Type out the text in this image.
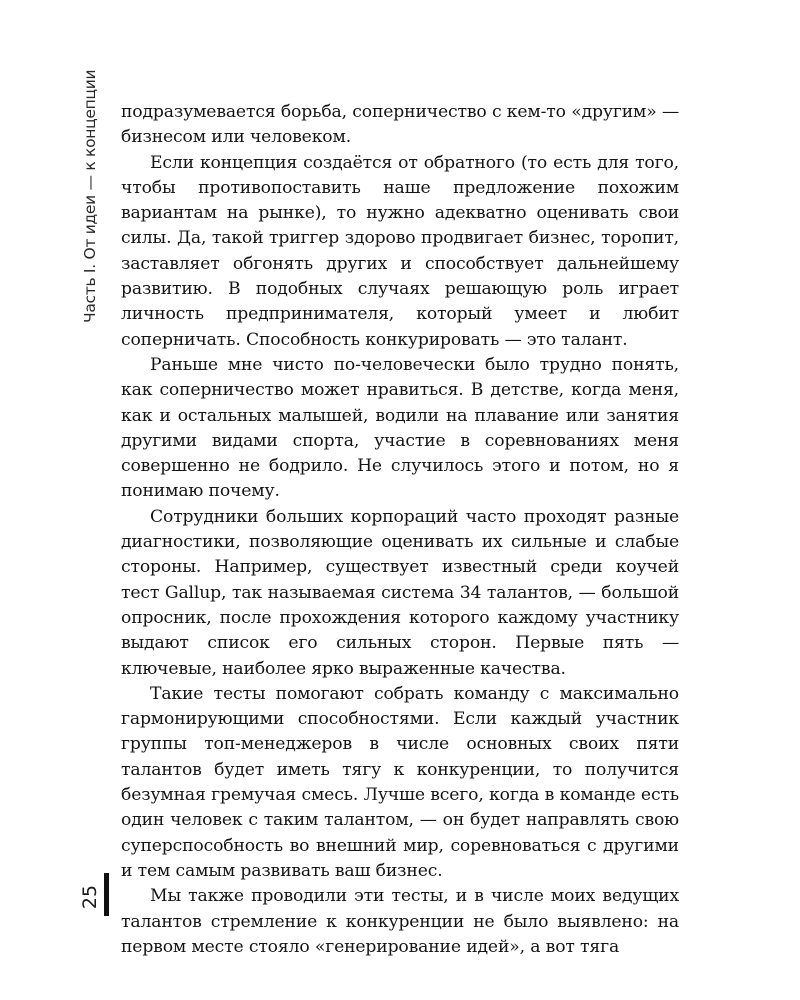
Часть I. От идеи — к концепции
25

подразумевается борьба, соперничество с кем-то «другим» — бизнесом или человеком.

Если концепция создаётся от обратного (то есть для того, чтобы противопоставить наше предложение похожим вариантам на рынке), то нужно адекватно оценивать свои силы. Да, такой триггер здорово продвигает бизнес, торопит, заставляет обгонять других и способствует дальнейшему развитию. В подобных случаях решающую роль играет личность предпринимателя, который умеет и любит соперничать. Способность конкурировать — это талант.

Раньше мне чисто по-человечески было трудно понять, как соперничество может нравиться. В детстве, когда меня, как и остальных малышей, водили на плавание или занятия другими видами спорта, участие в соревнованиях меня совершенно не бодрило. Не случилось этого и потом, но я понимаю почему.

Сотрудники больших корпораций часто проходят разные диагностики, позволяющие оценивать их сильные и слабые стороны. Например, существует известный среди коучей тест Gallup, так называемая система 34 талантов, — большой опросник, после прохождения которого каждому участнику выдают список его сильных сторон. Первые пять — ключевые, наиболее ярко выраженные качества.

Такие тесты помогают собрать команду с максимально гармонирующими способностями. Если каждый участник группы топ-менеджеров в числе основных своих пяти талантов будет иметь тягу к конкуренции, то получится безумная гремучая смесь. Лучше всего, когда в команде есть один человек с таким талантом, — он будет направлять свою суперспособность во внешний мир, соревноваться с другими и тем самым развивать ваш бизнес.

Мы также проводили эти тесты, и в числе моих ведущих талантов стремление к конкуренции не было выявлено: на первом месте стояло «генерирование идей», а вот тяга
